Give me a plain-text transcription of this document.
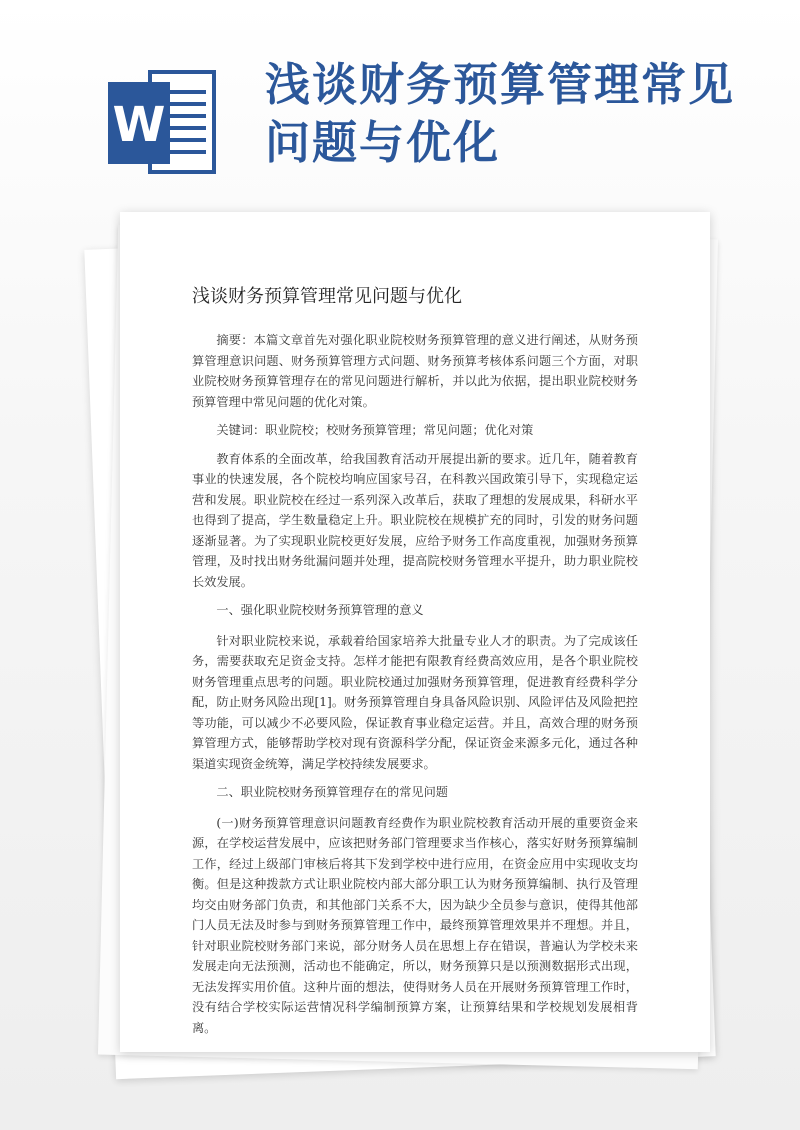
W
浅谈财务预算管理常见
问题与优化
浅谈财务预算管理常见问题与优化

摘要：本篇文章首先对强化职业院校财务预算管理的意义进行阐述，从财务预算管理意识问题、财务预算管理方式问题、财务预算考核体系问题三个方面，对职业院校财务预算管理存在的常见问题进行解析，并以此为依据，提出职业院校财务预算管理中常见问题的优化对策。

关键词：职业院校；校财务预算管理；常见问题；优化对策

教育体系的全面改革，给我国教育活动开展提出新的要求。近几年，随着教育事业的快速发展，各个院校均响应国家号召，在科教兴国政策引导下，实现稳定运营和发展。职业院校在经过一系列深入改革后，获取了理想的发展成果，科研水平也得到了提高，学生数量稳定上升。职业院校在规模扩充的同时，引发的财务问题逐渐显著。为了实现职业院校更好发展，应给予财务工作高度重视，加强财务预算管理，及时找出财务纰漏问题并处理，提高院校财务管理水平提升，助力职业院校长效发展。

一、强化职业院校财务预算管理的意义

针对职业院校来说，承载着给国家培养大批量专业人才的职责。为了完成该任务，需要获取充足资金支持。怎样才能把有限教育经费高效应用，是各个职业院校财务管理重点思考的问题。职业院校通过加强财务预算管理，促进教育经费科学分配，防止财务风险出现[1]。财务预算管理自身具备风险识别、风险评估及风险把控等功能，可以减少不必要风险，保证教育事业稳定运营。并且，高效合理的财务预算管理方式，能够帮助学校对现有资源科学分配，保证资金来源多元化，通过各种渠道实现资金统筹，满足学校持续发展要求。

二、职业院校财务预算管理存在的常见问题

(一)财务预算管理意识问题教育经费作为职业院校教育活动开展的重要资金来源，在学校运营发展中，应该把财务部门管理要求当作核心，落实好财务预算编制工作，经过上级部门审核后将其下发到学校中进行应用，在资金应用中实现收支均衡。但是这种拨款方式让职业院校内部大部分职工认为财务预算编制、执行及管理均交由财务部门负责，和其他部门关系不大，因为缺少全员参与意识，使得其他部门人员无法及时参与到财务预算管理工作中，最终预算管理效果并不理想。并且，针对职业院校财务部门来说，部分财务人员在思想上存在错误，普遍认为学校未来发展走向无法预测，活动也不能确定，所以，财务预算只是以预测数据形式出现，无法发挥实用价值。这种片面的想法，使得财务人员在开展财务预算管理工作时，没有结合学校实际运营情况科学编制预算方案，让预算结果和学校规划发展相背离。
